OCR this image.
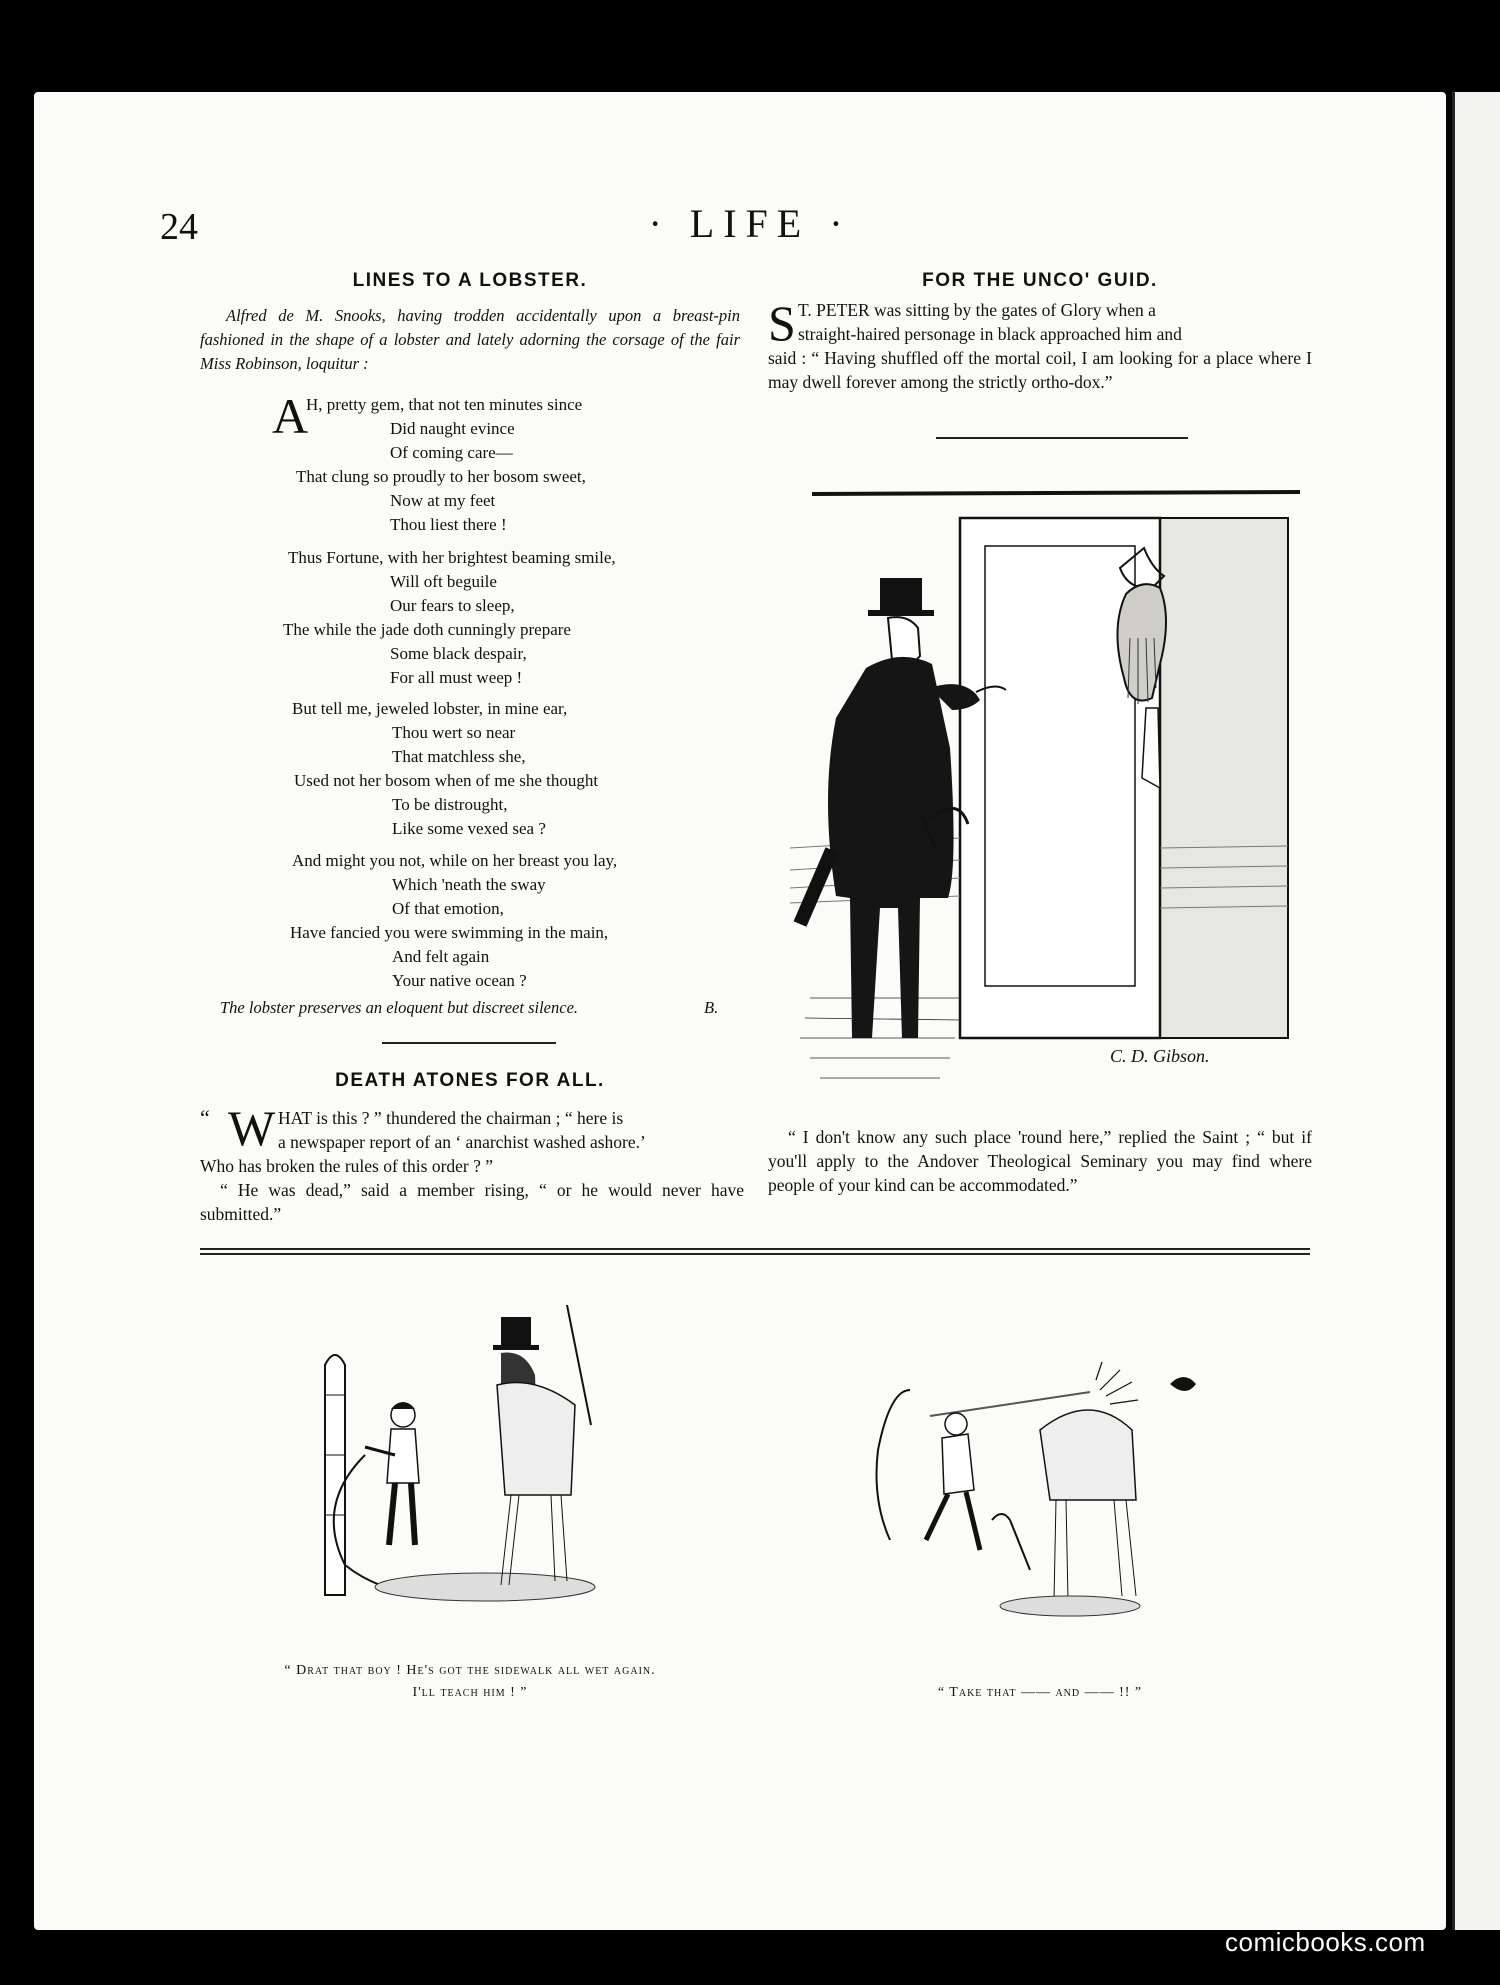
24	· LIFE ·
LINES TO A LOBSTER.
Alfred de M. Snooks, having trodden accidentally upon a breast-pin fashioned in the shape of a lobster and lately adorning the corsage of the fair Miss Robinson, loquitur :
A
H, pretty gem, that not ten minutes since
Did naught evince
Of coming care—
That clung so proudly to her bosom sweet,
Now at my feet
Thou liest there !
Thus Fortune, with her brightest beaming smile,
Will oft beguile
Our fears to sleep,
The while the jade doth cunningly prepare
Some black despair,
For all must weep !
But tell me, jeweled lobster, in mine ear,
Thou wert so near
That matchless she,
Used not her bosom when of me she thought
To be distrought,
Like some vexed sea ?
And might you not, while on her breast you lay,
Which 'neath the sway
Of that emotion,
Have fancied you were swimming in the main,
And felt again
Your native ocean ?
The lobster preserves an eloquent but discreet silence.	B.
DEATH ATONES FOR ALL.
“ W HAT is this ? ” thundered the chairman ; “ here is
a newspaper report of an ‘ anarchist washed ashore.’
Who has broken the rules of this order ? ”

“ He was dead,” said a member rising, “ or he would never have submitted.”

FOR THE UNCO' GUID.
S T. PETER was sitting by the gates of Glory when a
straight-haired personage in black approached him and

said : “ Having shuffled off the mortal coil, I am looking for a place where I may dwell forever among the strictly ortho-dox.”

C. D. Gibson.

“ I don't know any such place 'round here,” replied the Saint ; “ but if you'll apply to the Andover Theological Seminary you may find where people of your kind can be accommodated.”

“ Drat that boy ! He's got the sidewalk all wet again.
I'll teach him ! ”	“ Take that —— and —— !! ”
comicbooks.com
